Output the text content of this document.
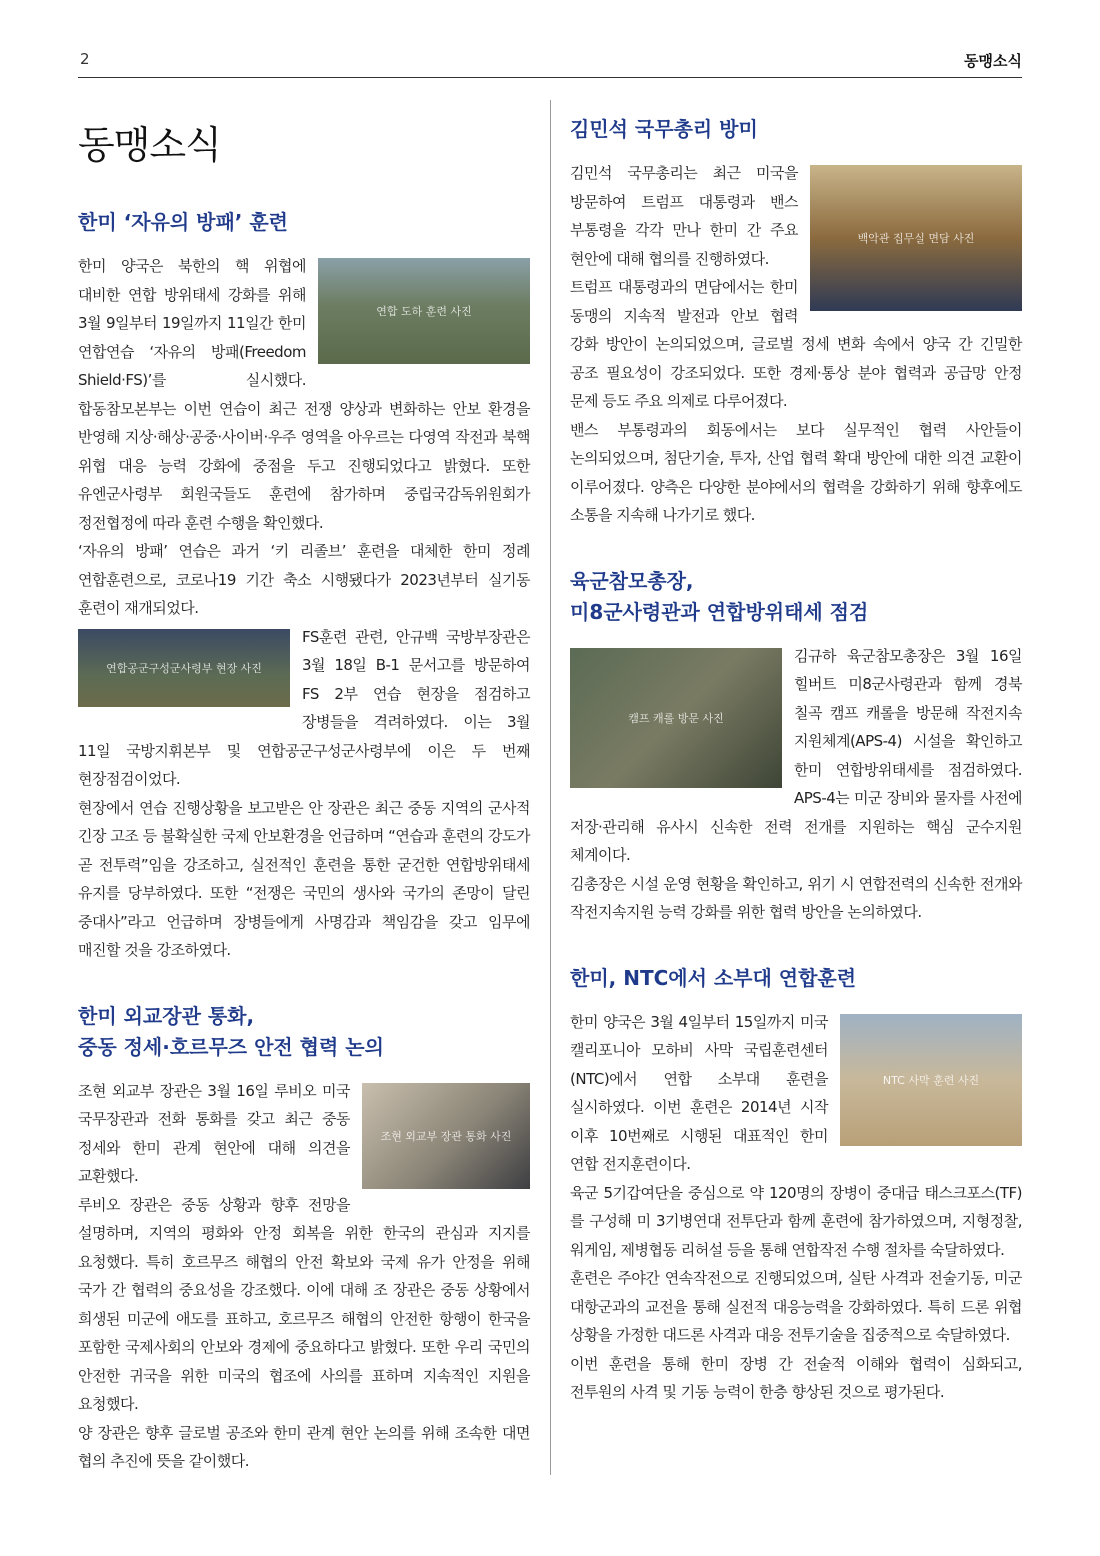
2	동맹소식
동맹소식
한미 ‘자유의 방패’ 훈련
연합 도하 훈련 사진

한미 양국은 북한의 핵 위협에 대비한 연합 방위태세 강화를 위해 3월 9일부터 19일까지 11일간 한미 연합연습 ‘자유의 방패(Freedom Shield·FS)’를 실시했다. 합동참모본부는 이번 연습이 최근 전쟁 양상과 변화하는 안보 환경을 반영해 지상·해상·공중·사이버·우주 영역을 아우르는 다영역 작전과 북핵 위협 대응 능력 강화에 중점을 두고 진행되었다고 밝혔다. 또한 유엔군사령부 회원국들도 훈련에 참가하며 중립국감독위원회가 정전협정에 따라 훈련 수행을 확인했다.

‘자유의 방패’ 연습은 과거 ‘키 리졸브’ 훈련을 대체한 한미 정례 연합훈련으로, 코로나19 기간 축소 시행됐다가 2023년부터 실기동 훈련이 재개되었다.

연합공군구성군사령부 현장 사진

FS훈련 관련, 안규백 국방부장관은 3월 18일 B-1 문서고를 방문하여 FS 2부 연습 현장을 점검하고 장병들을 격려하였다. 이는 3월 11일 국방지휘본부 및 연합공군구성군사령부에 이은 두 번째 현장점검이었다.

현장에서 연습 진행상황을 보고받은 안 장관은 최근 중동 지역의 군사적 긴장 고조 등 불확실한 국제 안보환경을 언급하며 “연습과 훈련의 강도가 곧 전투력”임을 강조하고, 실전적인 훈련을 통한 굳건한 연합방위태세 유지를 당부하였다. 또한 “전쟁은 국민의 생사와 국가의 존망이 달린 중대사”라고 언급하며 장병들에게 사명감과 책임감을 갖고 임무에 매진할 것을 강조하였다.

한미 외교장관 통화,
중동 정세·호르무즈 안전 협력 논의
조현 외교부 장관 통화 사진

조현 외교부 장관은 3월 16일 루비오 미국 국무장관과 전화 통화를 갖고 최근 중동 정세와 한미 관계 현안에 대해 의견을 교환했다.

루비오 장관은 중동 상황과 향후 전망을 설명하며, 지역의 평화와 안정 회복을 위한 한국의 관심과 지지를 요청했다. 특히 호르무즈 해협의 안전 확보와 국제 유가 안정을 위해 국가 간 협력의 중요성을 강조했다. 이에 대해 조 장관은 중동 상황에서 희생된 미군에 애도를 표하고, 호르무즈 해협의 안전한 항행이 한국을 포함한 국제사회의 안보와 경제에 중요하다고 밝혔다. 또한 우리 국민의 안전한 귀국을 위한 미국의 협조에 사의를 표하며 지속적인 지원을 요청했다.

양 장관은 향후 글로벌 공조와 한미 관계 현안 논의를 위해 조속한 대면 협의 추진에 뜻을 같이했다.

김민석 국무총리 방미
백악관 집무실 면담 사진

김민석 국무총리는 최근 미국을 방문하여 트럼프 대통령과 밴스 부통령을 각각 만나 한미 간 주요 현안에 대해 협의를 진행하였다.

트럼프 대통령과의 면담에서는 한미 동맹의 지속적 발전과 안보 협력 강화 방안이 논의되었으며, 글로벌 정세 변화 속에서 양국 간 긴밀한 공조 필요성이 강조되었다. 또한 경제·통상 분야 협력과 공급망 안정 문제 등도 주요 의제로 다루어졌다.

밴스 부통령과의 회동에서는 보다 실무적인 협력 사안들이 논의되었으며, 첨단기술, 투자, 산업 협력 확대 방안에 대한 의견 교환이 이루어졌다. 양측은 다양한 분야에서의 협력을 강화하기 위해 향후에도 소통을 지속해 나가기로 했다.

육군참모총장,
미8군사령관과 연합방위태세 점검
캠프 캐롤 방문 사진

김규하 육군참모총장은 3월 16일 힐버트 미8군사령관과 함께 경북 칠곡 캠프 캐롤을 방문해 작전지속 지원체계(APS-4) 시설을 확인하고 한미 연합방위태세를 점검하였다. APS-4는 미군 장비와 물자를 사전에 저장·관리해 유사시 신속한 전력 전개를 지원하는 핵심 군수지원 체계이다.

김총장은 시설 운영 현황을 확인하고, 위기 시 연합전력의 신속한 전개와 작전지속지원 능력 강화를 위한 협력 방안을 논의하였다.

한미, NTC에서 소부대 연합훈련
NTC 사막 훈련 사진

한미 양국은 3월 4일부터 15일까지 미국 캘리포니아 모하비 사막 국립훈련센터(NTC)에서 연합 소부대 훈련을 실시하였다. 이번 훈련은 2014년 시작 이후 10번째로 시행된 대표적인 한미 연합 전지훈련이다.

육군 5기갑여단을 중심으로 약 120명의 장병이 중대급 태스크포스(TF)를 구성해 미 3기병연대 전투단과 함께 훈련에 참가하였으며, 지형정찰, 워게임, 제병협동 리허설 등을 통해 연합작전 수행 절차를 숙달하였다.

훈련은 주야간 연속작전으로 진행되었으며, 실탄 사격과 전술기동, 미군 대항군과의 교전을 통해 실전적 대응능력을 강화하였다. 특히 드론 위협 상황을 가정한 대드론 사격과 대응 전투기술을 집중적으로 숙달하였다.

이번 훈련을 통해 한미 장병 간 전술적 이해와 협력이 심화되고, 전투원의 사격 및 기동 능력이 한층 향상된 것으로 평가된다.
